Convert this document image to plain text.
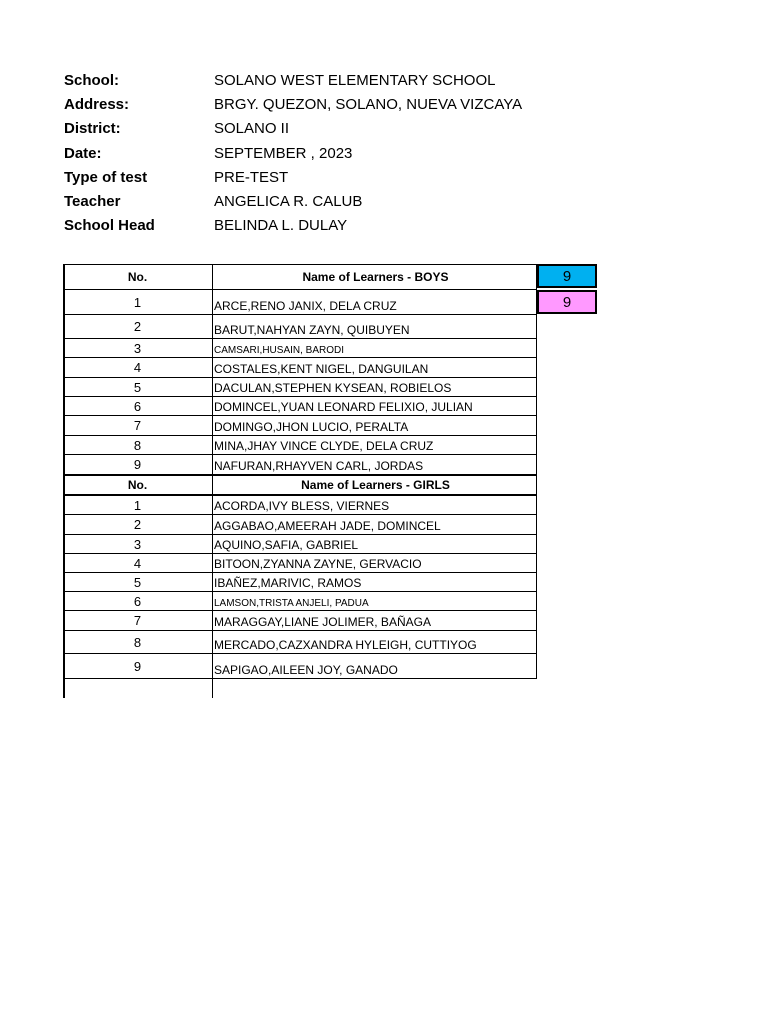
School:	SOLANO WEST ELEMENTARY SCHOOL
Address:	BRGY. QUEZON, SOLANO, NUEVA VIZCAYA
District:	SOLANO II
Date:	SEPTEMBER , 2023
Type of test	PRE-TEST
Teacher	ANGELICA R. CALUB
School Head	BELINDA L. DULAY
No.	Name of Learners - BOYS
1	ARCE,RENO JANIX, DELA CRUZ
2	BARUT,NAHYAN ZAYN, QUIBUYEN
3	CAMSARI,HUSAIN, BARODI
4	COSTALES,KENT NIGEL, DANGUILAN
5	DACULAN,STEPHEN KYSEAN, ROBIELOS
6	DOMINCEL,YUAN LEONARD FELIXIO, JULIAN
7	DOMINGO,JHON LUCIO, PERALTA
8	MINA,JHAY VINCE CLYDE, DELA CRUZ
9	NAFURAN,RHAYVEN CARL, JORDAS
No.	Name of Learners - GIRLS
1	ACORDA,IVY BLESS, VIERNES
2	AGGABAO,AMEERAH JADE, DOMINCEL
3	AQUINO,SAFIA, GABRIEL
4	BITOON,ZYANNA ZAYNE, GERVACIO
5	IBAÑEZ,MARIVIC, RAMOS
6	LAMSON,TRISTA ANJELI, PADUA
7	MARAGGAY,LIANE JOLIMER, BAÑAGA
8	MERCADO,CAZXANDRA HYLEIGH, CUTTIYOG
9	SAPIGAO,AILEEN JOY, GANADO
9
9
